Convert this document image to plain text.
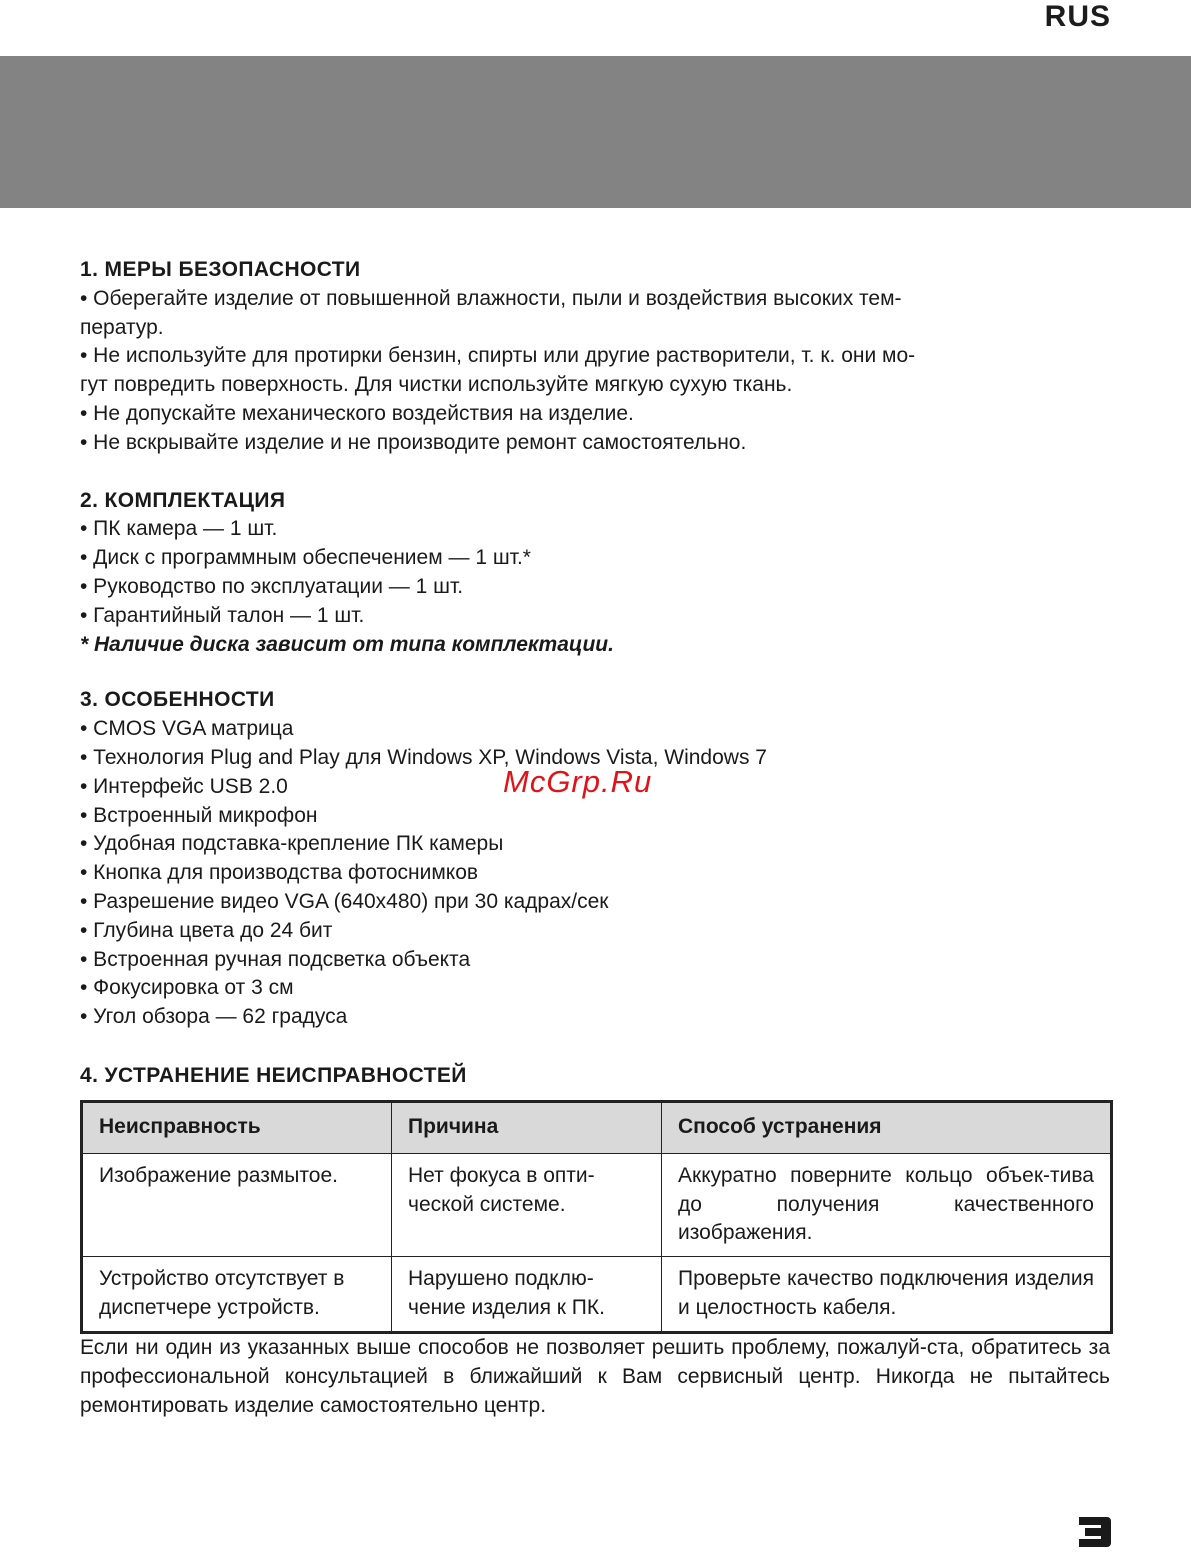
RUS
1. МЕРЫ БЕЗОПАСНОСТИ

• Оберегайте изделие от повышенной влажности, пыли и воздействия высоких тем-

ператур.

• Не используйте для протирки бензин, спирты или другие растворители, т. к. они мо-

гут повредить поверхность. Для чистки используйте мягкую сухую ткань.

• Не допускайте механического воздействия на изделие.

• Не вскрывайте изделие и не производите ремонт самостоятельно.

2. КОМПЛЕКТАЦИЯ

• ПК камера — 1 шт.

• Диск с программным обеспечением — 1 шт.*

• Руководство по эксплуатации — 1 шт.

• Гарантийный талон — 1 шт.

* Наличие диска зависит от типа комплектации.

3. ОСОБЕННОСТИ

• CMOS VGA матрица

• Технология Plug and Play для Windows XP, Windows Vista, Windows 7

• Интерфейс USB 2.0

• Встроенный микрофон

• Удобная подставка-крепление ПК камеры

• Кнопка для производства фотоснимков

• Разрешение видео VGA (640x480) при 30 кадрах/сек

• Глубина цвета до 24 бит

• Встроенная ручная подсветка объекта

• Фокусировка от 3 см

• Угол обзора — 62 градуса

4. УСТРАНЕНИЕ НЕИСПРАВНОСТЕЙ
Неисправность	Причина	Способ устранения
Изображение размытое.	Нет фокуса в опти-ческой системе.	Аккуратно поверните кольцо объек-тива до получения качественного изображения.
Устройство отсутствует в диспетчере устройств.	Нарушено подклю-чение изделия к ПК.	Проверьте качество подключения изделия и целостность кабеля.

Если ни один из указанных выше способов не позволяет решить проблему, пожалуй-ста, обратитесь за профессиональной консультацией в ближайший к Вам сервисный центр. Никогда не пытайтесь ремонтировать изделие самостоятельно центр.

McGrp.Ru
